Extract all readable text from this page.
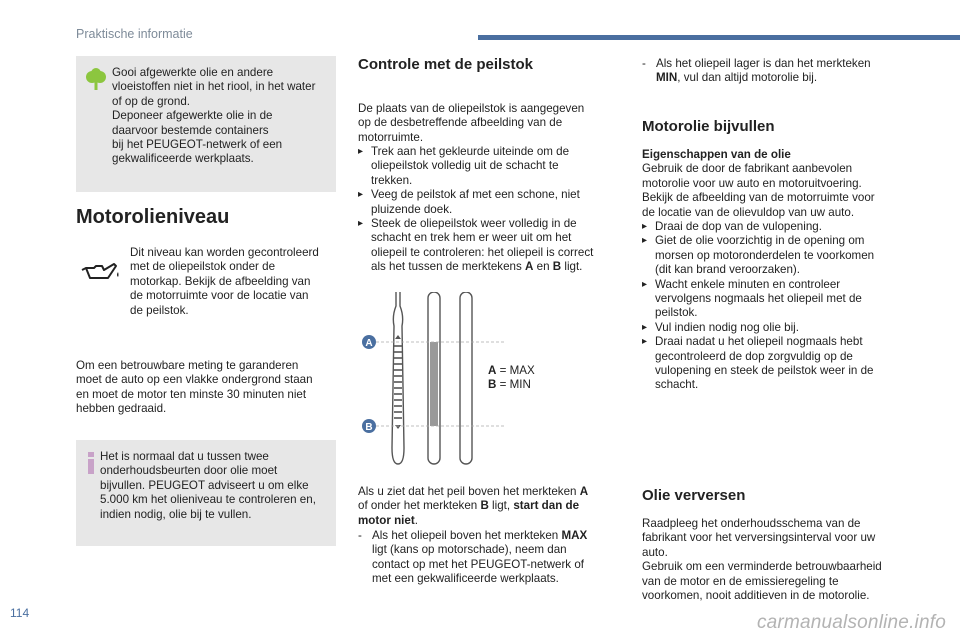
Praktische informatie
Gooi afgewerkte olie en andere
vloeistoffen niet in het riool, in het water
of op de grond.
Deponeer afgewerkte olie in de
daarvoor bestemde containers
bij het PEUGEOT-netwerk of een
gekwalificeerde werkplaats.
Motorolieniveau
Dit niveau kan worden gecontroleerd
met de oliepeilstok onder de
motorkap. Bekijk de afbeelding van
de motorruimte voor de locatie van
de peilstok.
Om een betrouwbare meting te garanderen
moet de auto op een vlakke ondergrond staan
en moet de motor ten minste 30 minuten niet
hebben gedraaid.
Het is normaal dat u tussen twee
onderhoudsbeurten door olie moet
bijvullen. PEUGEOT adviseert u om elke
5.000 km het olieniveau te controleren en,
indien nodig, olie bij te vullen.
Controle met de peilstok
De plaats van de oliepeilstok is aangegeven
op de desbetreffende afbeelding van de
motorruimte.
▸ Trek aan het gekleurde uiteinde om de
oliepeilstok volledig uit de schacht te
trekken.
▸ Veeg de peilstok af met een schone, niet
pluizende doek.
▸ Steek de oliepeilstok weer volledig in de
schacht en trek hem er weer uit om het
oliepeil te controleren: het oliepeil is correct
als het tussen de merktekens A en B ligt.
A
B
A = MAX
B = MIN
Als u ziet dat het peil boven het merkteken A
of onder het merkteken B ligt, start dan de
motor niet.
- Als het oliepeil boven het merkteken MAX
ligt (kans op motorschade), neem dan
contact op met het PEUGEOT-netwerk of
met een gekwalificeerde werkplaats.
- Als het oliepeil lager is dan het merkteken
MIN, vul dan altijd motorolie bij.
Motorolie bijvullen
Eigenschappen van de olie
Gebruik de door de fabrikant aanbevolen
motorolie voor uw auto en motoruitvoering.
Bekijk de afbeelding van de motorruimte voor
de locatie van de olievuldop van uw auto.
▸ Draai de dop van de vulopening.
▸ Giet de olie voorzichtig in de opening om
morsen op motoronderdelen te voorkomen
(dit kan brand veroorzaken).
▸ Wacht enkele minuten en controleer
vervolgens nogmaals het oliepeil met de
peilstok.
▸ Vul indien nodig nog olie bij.
▸ Draai nadat u het oliepeil nogmaals hebt
gecontroleerd de dop zorgvuldig op de
vulopening en steek de peilstok weer in de
schacht.
Olie verversen
Raadpleeg het onderhoudsschema van de
fabrikant voor het verversingsinterval voor uw
auto.
Gebruik om een verminderde betrouwbaarheid
van de motor en de emissieregeling te
voorkomen, nooit additieven in de motorolie.
114	carmanualsonline.info
